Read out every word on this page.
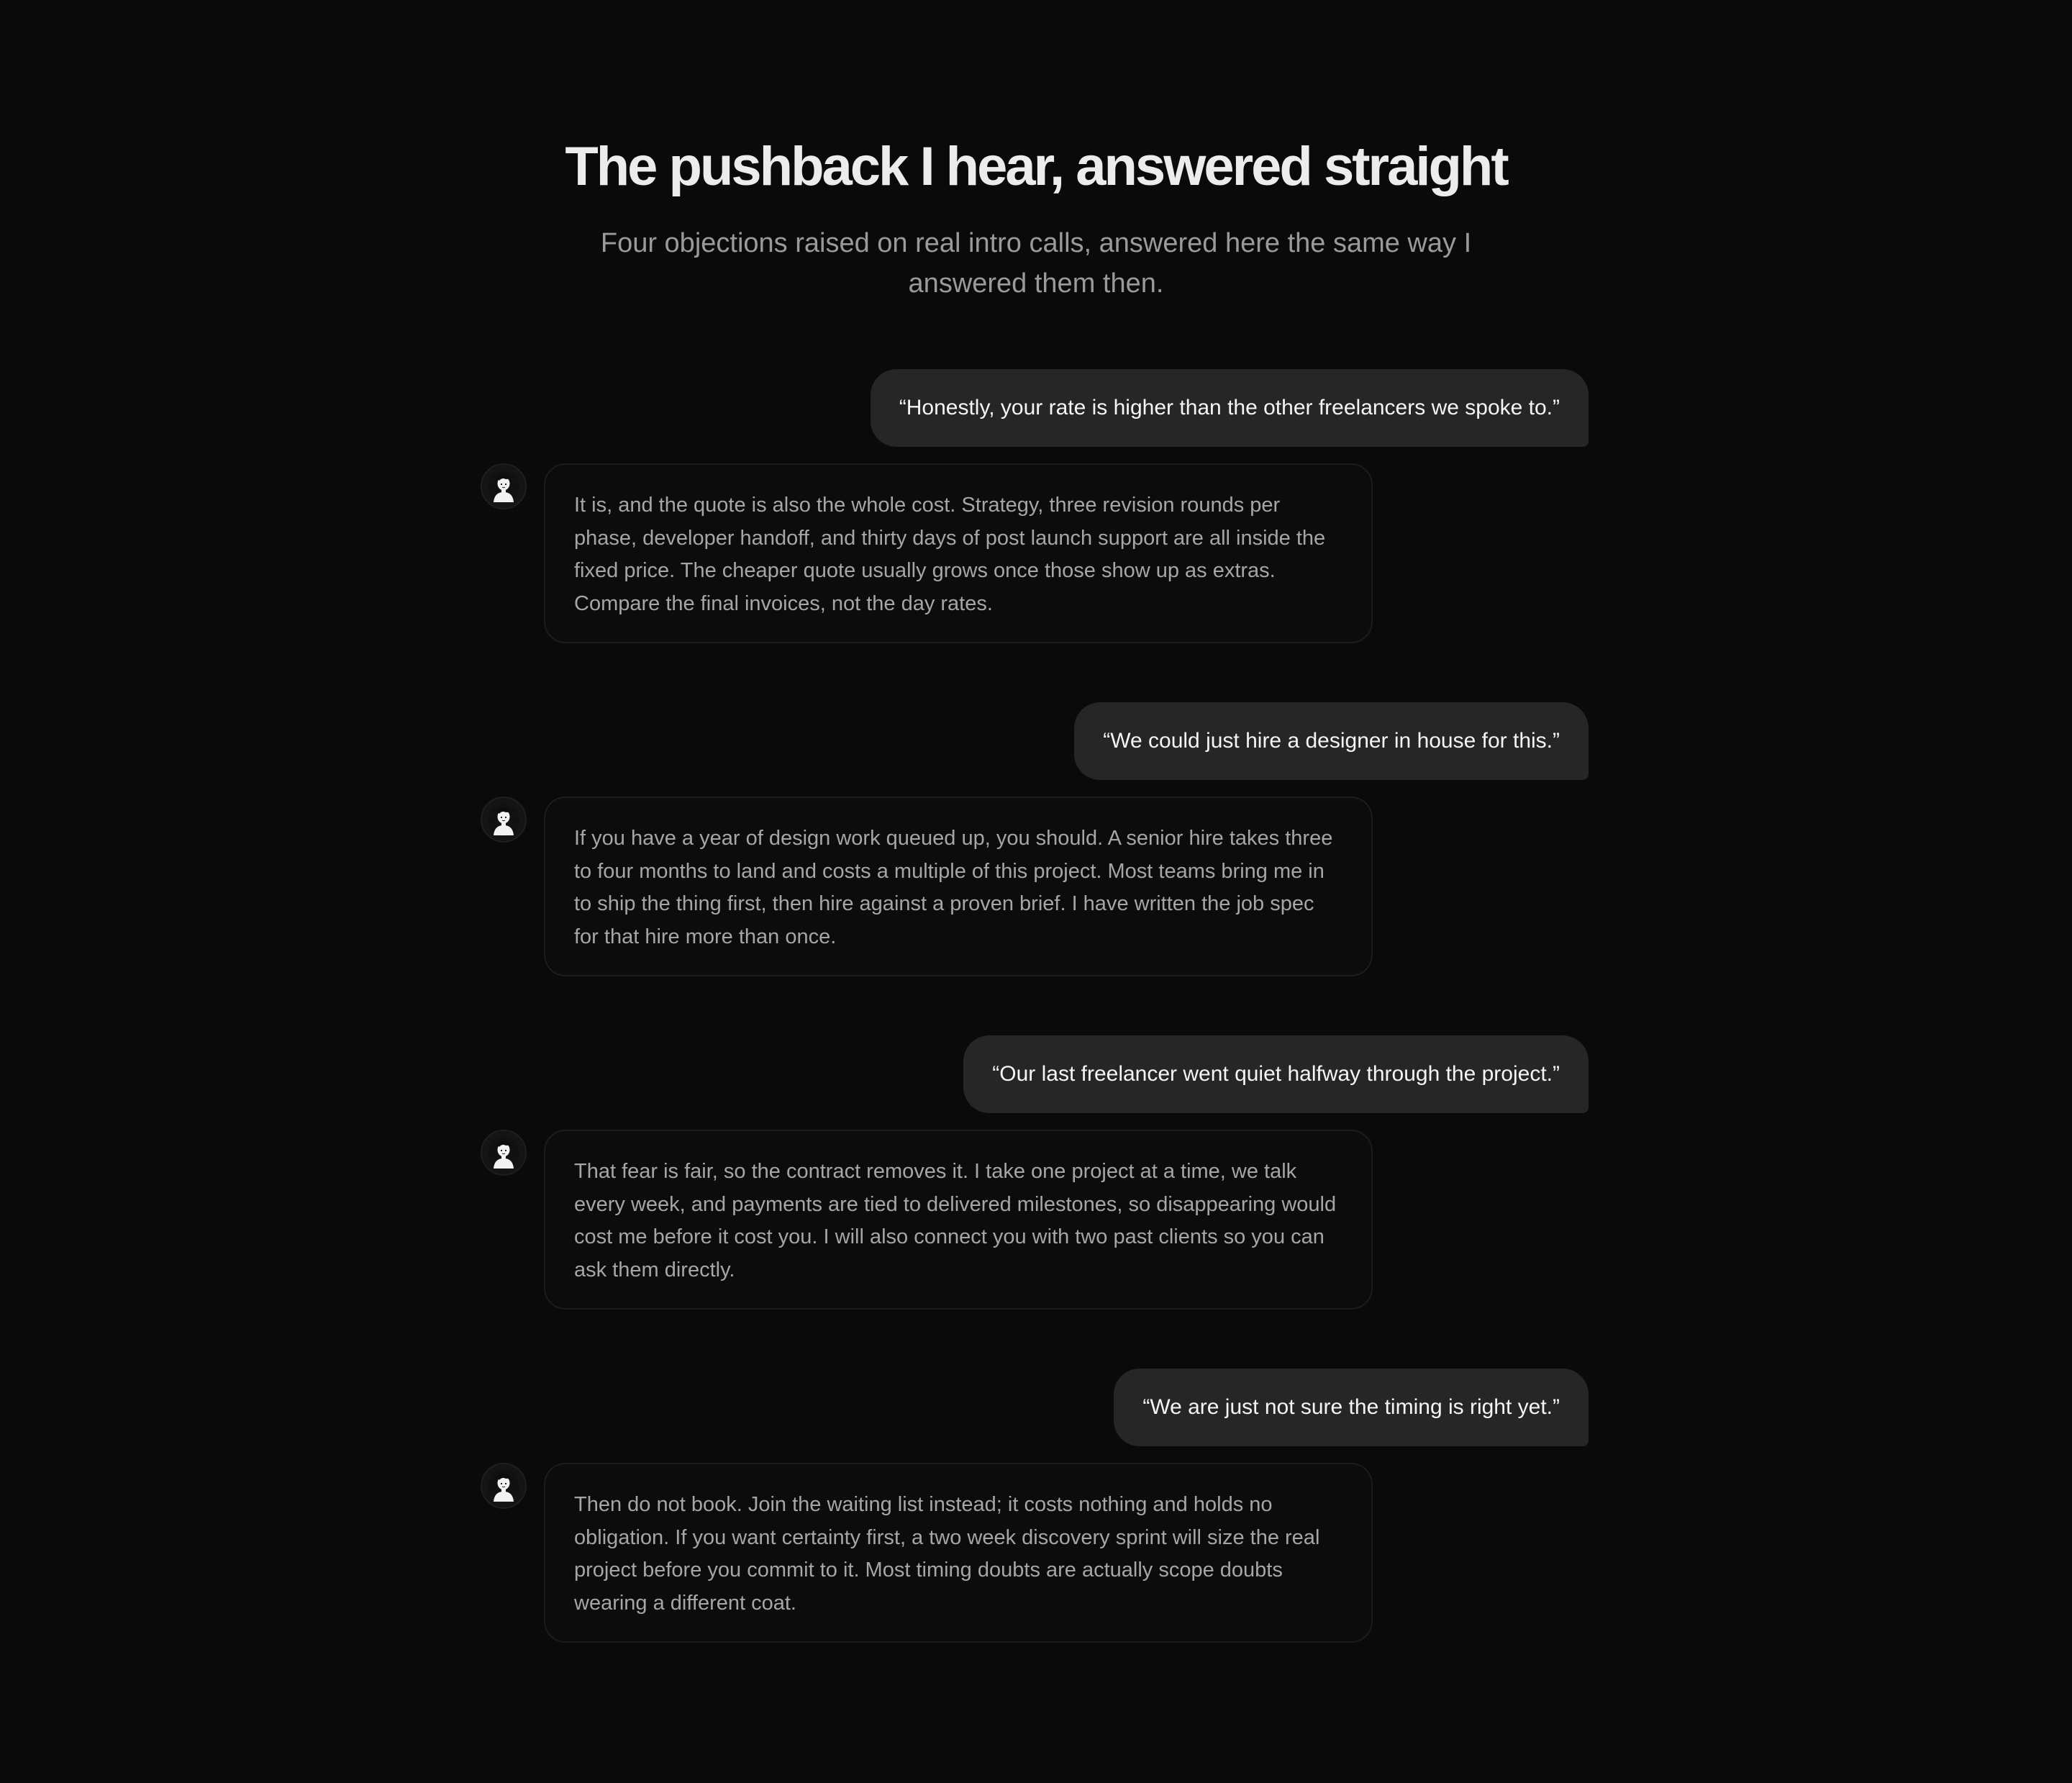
The pushback I hear, answered straight

Four objections raised on real intro calls, answered here the same way I answered them then.

“Honestly, your rate is higher than the other freelancers we spoke to.”
It is, and the quote is also the whole cost. Strategy, three revision rounds per phase, developer handoff, and thirty days of post launch support are all inside the fixed price. The cheaper quote usually grows once those show up as extras. Compare the final invoices, not the day rates.
“We could just hire a designer in house for this.”
If you have a year of design work queued up, you should. A senior hire takes three to four months to land and costs a multiple of this project. Most teams bring me in to ship the thing first, then hire against a proven brief. I have written the job spec for that hire more than once.
“Our last freelancer went quiet halfway through the project.”
That fear is fair, so the contract removes it. I take one project at a time, we talk every week, and payments are tied to delivered milestones, so disappearing would cost me before it cost you. I will also connect you with two past clients so you can ask them directly.
“We are just not sure the timing is right yet.”
Then do not book. Join the waiting list instead; it costs nothing and holds no obligation. If you want certainty first, a two week discovery sprint will size the real project before you commit to it. Most timing doubts are actually scope doubts wearing a different coat.
